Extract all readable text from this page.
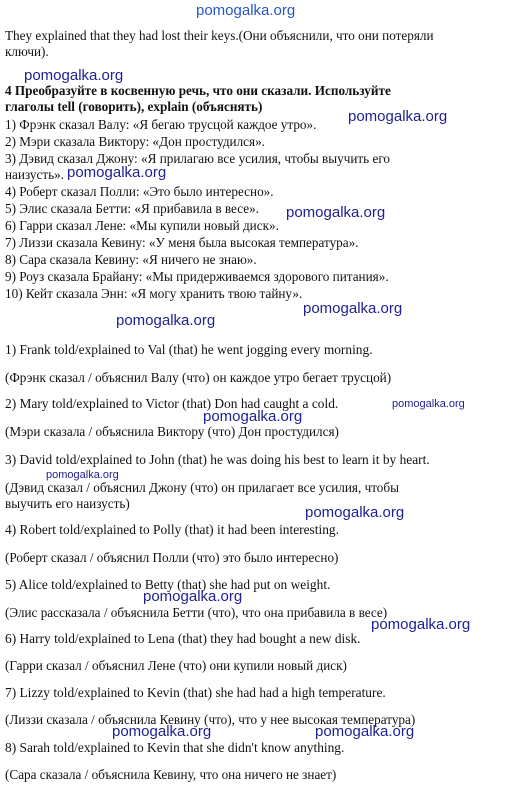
pomogalka.org
They explained that they had lost their keys.(Они объяснили, что они потеряли
ключи).
4 Преобразуйте в косвенную речь, что они сказали. Используйте
глаголы tell (говорить), explain (объяснять)
1) Фрэнк сказал Валу: «Я бегаю трусцой каждое утро».
2) Мэри сказала Виктору: «Дон простудился».
3) Дэвид сказал Джону: «Я прилагаю все усилия, чтобы выучить его
наизусть».
4) Роберт сказал Полли: «Это было интересно».
5) Элис сказала Бетти: «Я прибавила в весе».
6) Гарри сказал Лене: «Мы купили новый диск».
7) Лиззи сказала Кевину: «У меня была высокая температура».
8) Сара сказала Кевину: «Я ничего не знаю».
9) Роуз сказала Брайану: «Мы придерживаемся здорового питания».
10) Кейт сказала Энн: «Я могу хранить твою тайну».
1) Frank told/explained to Val (that) he went jogging every morning.
(Фрэнк сказал / объяснил Валу (что) он каждое утро бегает трусцой)
2) Mary told/explained to Victor (that) Don had caught a cold.
(Мэри сказала / объяснила Виктору (что) Дон простудился)
3) David told/explained to John (that) he was doing his best to learn it by heart.
(Дэвид сказал / объяснил Джону (что) он прилагает все усилия, чтобы
выучить его наизусть)
4) Robert told/explained to Polly (that) it had been interesting.
(Роберт сказал / объяснил Полли (что) это было интересно)
5) Alice told/explained to Betty (that) she had put on weight.
(Элис рассказала / объяснила Бетти (что), что она прибавила в весе)
6) Harry told/explained to Lena (that) they had bought a new disk.
(Гарри сказал / объяснил Лене (что) они купили новый диск)
7) Lizzy told/explained to Kevin (that) she had had a high temperature.
(Лиззи сказала / объяснила Кевину (что), что у нее высокая температура)
8) Sarah told/explained to Kevin that she didn't know anything.
(Сара сказала / объяснила Кевину, что она ничего не знает)
pomogalka.org
pomogalka.org
pomogalka.org
pomogalka.org
pomogalka.org
pomogalka.org
pomogalka.org
pomogalka.org
pomogalka.org
pomogalka.org
pomogalka.org
pomogalka.org
pomogalka.org	pomogalka.org
